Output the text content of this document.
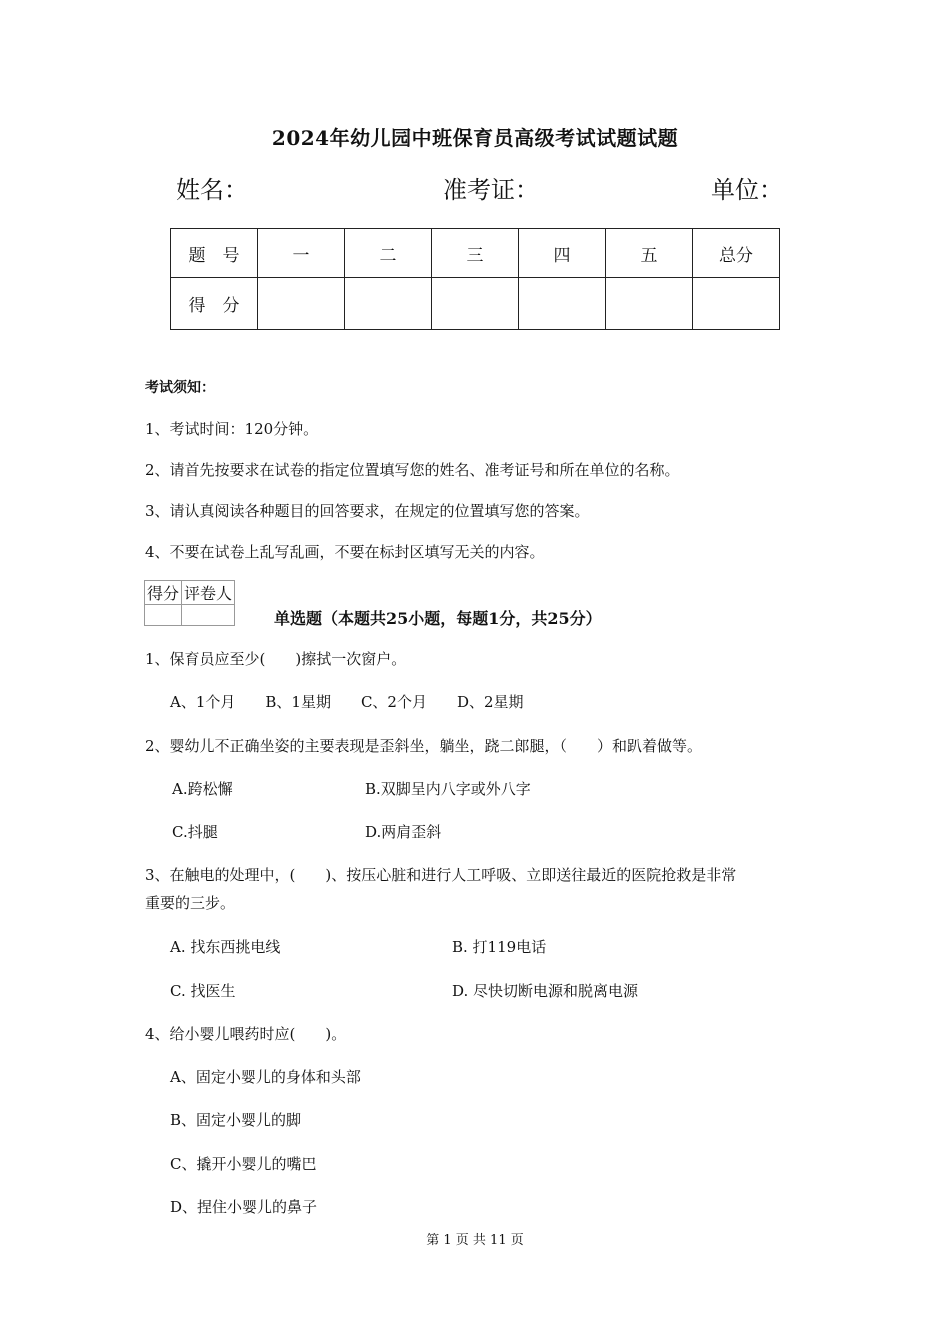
2024年幼儿园中班保育员高级考试试题试题
姓名：	准考证：	单位：
题　号	一	二	三	四	五	总分
得　分						
考试须知：
1、考试时间：120分钟。
2、请首先按要求在试卷的指定位置填写您的姓名、准考证号和所在单位的名称。
3、请认真阅读各种题目的回答要求，在规定的位置填写您的答案。
4、不要在试卷上乱写乱画，不要在标封区填写无关的内容。
得分	评卷人

单选题（本题共25小题，每题1分，共25分）
1、保育员应至少(　　)擦拭一次窗户。
A、1个月　　B、1星期　　C、2个月　　D、2星期
2、婴幼儿不正确坐姿的主要表现是歪斜坐，躺坐，跷二郎腿，（　　）和趴着做等。
A.跨松懈	B.双脚呈内八字或外八字
C.抖腿	D.两肩歪斜
3、在触电的处理中，(　　)、按压心脏和进行人工呼吸、立即送往最近的医院抢救是非常
重要的三步。
A. 找东西挑电线	B. 打119电话
C. 找医生	D. 尽快切断电源和脱离电源
4、给小婴儿喂药时应(　　)。
A、固定小婴儿的身体和头部
B、固定小婴儿的脚
C、撬开小婴儿的嘴巴
D、捏住小婴儿的鼻子
第 1 页 共 11 页
